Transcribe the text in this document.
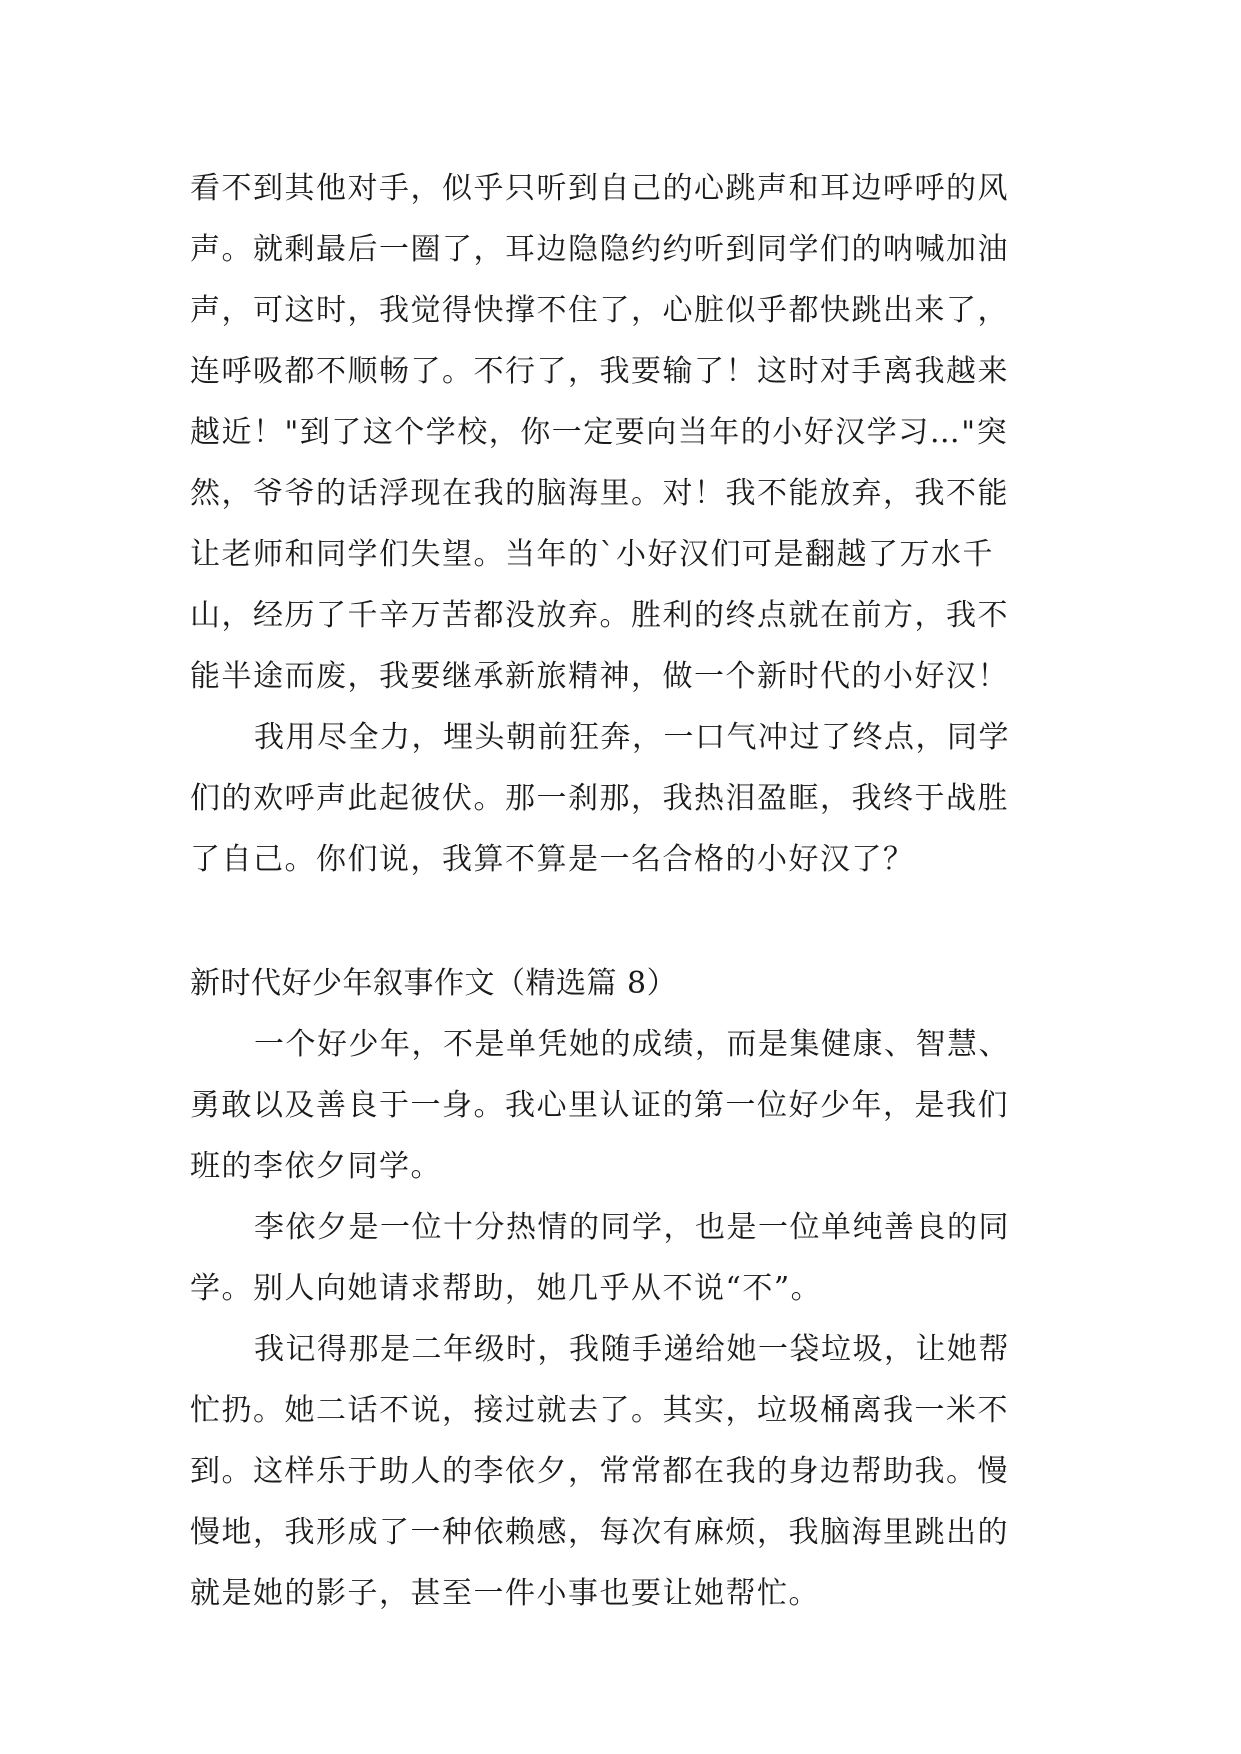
看不到其他对手，似乎只听到自己的心跳声和耳边呼呼的风
声。就剩最后一圈了，耳边隐隐约约听到同学们的呐喊加油
声，可这时，我觉得快撑不住了，心脏似乎都快跳出来了，
连呼吸都不顺畅了。不行了，我要输了！这时对手离我越来
越近！"到了这个学校，你一定要向当年的小好汉学习…"突
然，爷爷的话浮现在我的脑海里。对！我不能放弃，我不能
让老师和同学们失望。当年的`小好汉们可是翻越了万水千
山，经历了千辛万苦都没放弃。胜利的终点就在前方，我不
能半途而废，我要继承新旅精神，做一个新时代的小好汉！
我用尽全力，埋头朝前狂奔，一口气冲过了终点，同学
们的欢呼声此起彼伏。那一刹那，我热泪盈眶，我终于战胜
了自己。你们说，我算不算是一名合格的小好汉了？
新时代好少年叙事作文（精选篇 8）
一个好少年，不是单凭她的成绩，而是集健康、智慧、
勇敢以及善良于一身。我心里认证的第一位好少年，是我们
班的李依夕同学。
李依夕是一位十分热情的同学，也是一位单纯善良的同
学。别人向她请求帮助，她几乎从不说“不”。
我记得那是二年级时，我随手递给她一袋垃圾，让她帮
忙扔。她二话不说，接过就去了。其实，垃圾桶离我一米不
到。这样乐于助人的李依夕，常常都在我的身边帮助我。慢
慢地，我形成了一种依赖感，每次有麻烦，我脑海里跳出的
就是她的影子，甚至一件小事也要让她帮忙。
